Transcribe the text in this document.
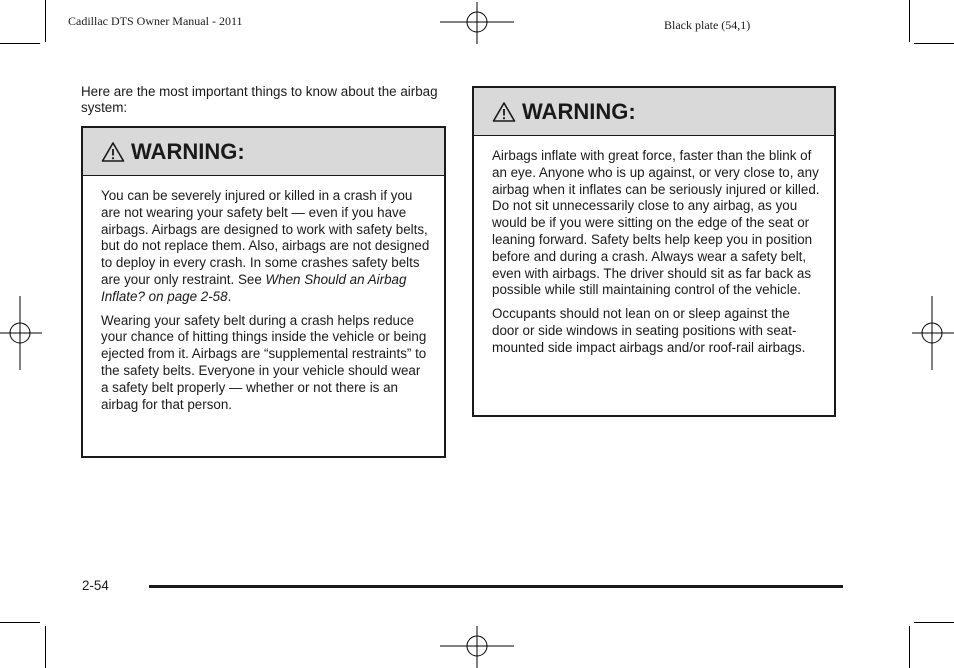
Cadillac DTS Owner Manual - 2011	Black plate (54,1)
Here are the most important things to know about the airbag system:
WARNING:

You can be severely injured or killed in a crash if you are not wearing your safety belt — even if you have airbags. Airbags are designed to work with safety belts, but do not replace them. Also, airbags are not designed to deploy in every crash. In some crashes safety belts are your only restraint. See When Should an Airbag Inflate? on page 2-58.

Wearing your safety belt during a crash helps reduce your chance of hitting things inside the vehicle or being ejected from it. Airbags are “supplemental restraints” to the safety belts. Everyone in your vehicle should wear a safety belt properly — whether or not there is an airbag for that person.

WARNING:

Airbags inflate with great force, faster than the blink of an eye. Anyone who is up against, or very close to, any airbag when it inflates can be seriously injured or killed. Do not sit unnecessarily close to any airbag, as you would be if you were sitting on the edge of the seat or leaning forward. Safety belts help keep you in position before and during a crash. Always wear a safety belt, even with airbags. The driver should sit as far back as possible while still maintaining control of the vehicle.

Occupants should not lean on or sleep against the door or side windows in seating positions with seat-mounted side impact airbags and/or roof-rail airbags.

2-54
